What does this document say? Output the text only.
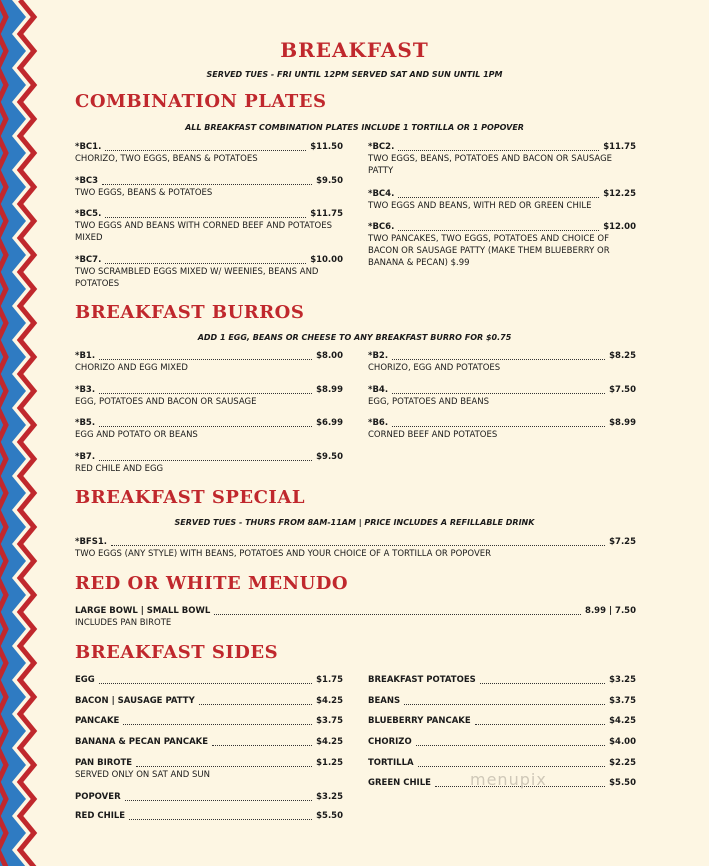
BREAKFAST
SERVED TUES - FRI UNTIL 12PM SERVED SAT AND SUN UNTIL 1PM
COMBINATION PLATES
ALL BREAKFAST COMBINATION PLATES INCLUDE 1 TORTILLA OR 1 POPOVER
BREAKFAST BURROS
ADD 1 EGG, BEANS OR CHEESE TO ANY BREAKFAST BURRO FOR $0.75
BREAKFAST SPECIAL
SERVED TUES - THURS FROM 8AM-11AM | PRICE INCLUDES A REFILLABLE DRINK
RED OR WHITE MENUDO
BREAKFAST SIDES
*BC1.	$11.50
CHORIZO, TWO EGGS, BEANS & POTATOES
*BC3	$9.50
TWO EGGS, BEANS & POTATOES
*BC5.	$11.75
TWO EGGS AND BEANS WITH CORNED BEEF AND POTATOES MIXED
*BC7.	$10.00
TWO SCRAMBLED EGGS MIXED W/ WEENIES, BEANS AND POTATOES
*BC2.	$11.75
TWO EGGS, BEANS, POTATOES AND BACON OR SAUSAGE PATTY
*BC4.	$12.25
TWO EGGS AND BEANS, WITH RED OR GREEN CHILE
*BC6.	$12.00
TWO PANCAKES, TWO EGGS, POTATOES AND CHOICE OF BACON OR SAUSAGE PATTY (MAKE THEM BLUEBERRY OR BANANA & PECAN) $.99
*B1.	$8.00
CHORIZO AND EGG MIXED
*B3.	$8.99
EGG, POTATOES AND BACON OR SAUSAGE
*B5.	$6.99
EGG AND POTATO OR BEANS
*B7.	$9.50
RED CHILE AND EGG
*B2.	$8.25
CHORIZO, EGG AND POTATOES
*B4.	$7.50
EGG, POTATOES AND BEANS
*B6.	$8.99
CORNED BEEF AND POTATOES
*BFS1.	$7.25
TWO EGGS (ANY STYLE) WITH BEANS, POTATOES AND YOUR CHOICE OF A TORTILLA OR POPOVER
LARGE BOWL | SMALL BOWL	8.99 | 7.50
INCLUDES PAN BIROTE
EGG	$1.75
BACON | SAUSAGE PATTY	$4.25
PANCAKE	$3.75
BANANA & PECAN PANCAKE	$4.25
PAN BIROTE	$1.25
SERVED ONLY ON SAT AND SUN
POPOVER	$3.25
RED CHILE	$5.50
BREAKFAST POTATOES	$3.25
BEANS	$3.75
BLUEBERRY PANCAKE	$4.25
CHORIZO	$4.00
TORTILLA	$2.25
GREEN CHILE	$5.50
menupix
